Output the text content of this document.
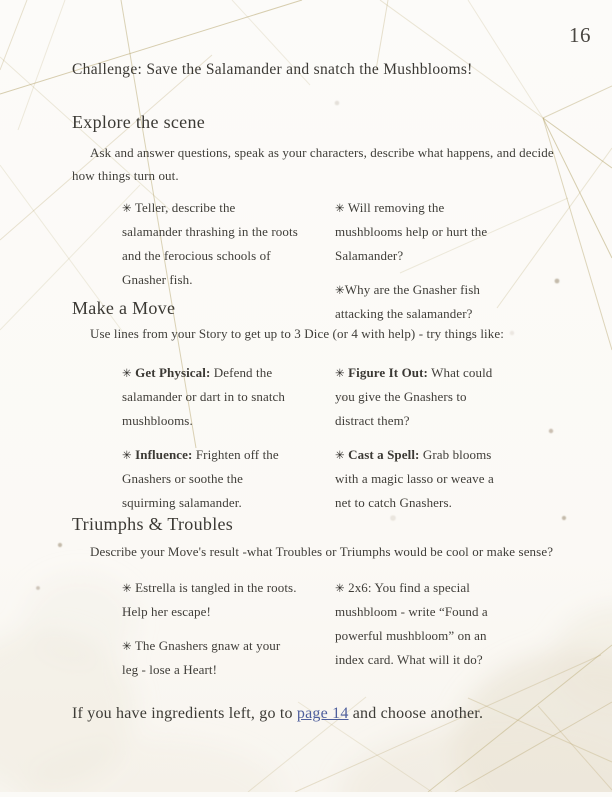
16
Challenge: Save the Salamander and snatch the Mushblooms!
Explore the scene
Ask and answer questions, speak as your characters, describe what happens, and decide
how things turn out.

✳ Teller, describe the salamander thrashing in the roots and the ferocious schools of Gnasher fish.

✳ Will removing the mushblooms help or hurt the Salamander?

✳Why are the Gnasher fish attacking the salamander?

Make a Move
Use lines from your Story to get up to 3 Dice (or 4 with help) - try things like:

✳ Get Physical: Defend the salamander or dart in to snatch mushblooms.

✳ Influence: Frighten off the Gnashers or soothe the squirming salamander.

✳ Figure It Out: What could you give the Gnashers to distract them?

✳ Cast a Spell: Grab blooms with a magic lasso or weave a net to catch Gnashers.

Triumphs & Troubles
Describe your Move's result -what Troubles or Triumphs would be cool or make sense?

✳ Estrella is tangled in the roots. Help her escape!

✳ The Gnashers gnaw at your leg - lose a Heart!

✳ 2x6: You find a special mushbloom - write “Found a powerful mushbloom” on an index card. What will it do?

If you have ingredients left, go to page 14 and choose another.
